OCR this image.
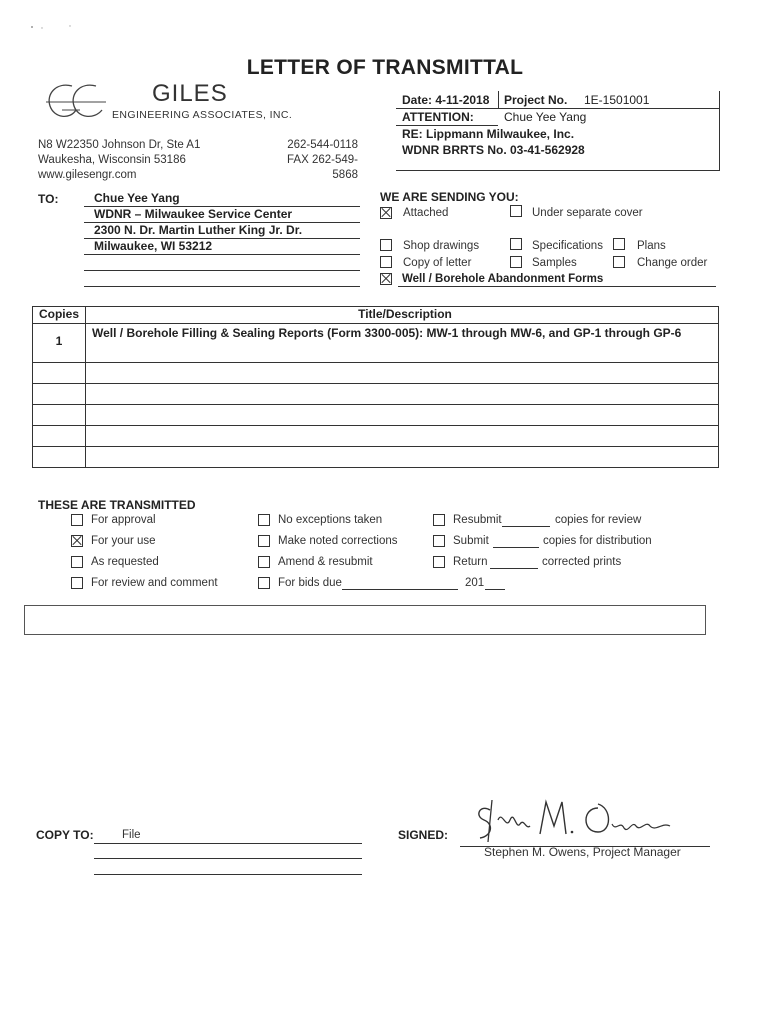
LETTER OF TRANSMITTAL
GILES
ENGINEERING ASSOCIATES, INC.
N8 W22350 Johnson Dr, Ste A1
Waukesha, Wisconsin 53186
www.gilesengr.com
262-544-0118
FAX 262-549-5868
Date: 4-11-2018 Project No. 1E-1501001
ATTENTION:	Chue Yee Yang
RE: Lippmann Milwaukee, Inc.
WDNR BRRTS No. 03-41-562928
TO:	Chue Yee Yang
WDNR – Milwaukee Service Center
2300 N. Dr. Martin Luther King Jr. Dr.
Milwaukee, WI 53212
WE ARE SENDING YOU:
Attached	Under separate cover
Shop drawings	Specifications	Plans
Copy of letter	Samples	Change order
Well / Borehole Abandonment Forms
Copies	Title/Description
1
Well / Borehole Filling & Sealing Reports (Form 3300-005): MW-1 through MW-6, and GP-1 through GP-6
THESE ARE TRANSMITTED
For approval
For your use
As requested
For review and comment
No exceptions taken
Make noted corrections
Amend & resubmit
For bids due	201
Resubmit	copies for review
Submit	copies for distribution
Return	corrected prints
COPY TO: File	SIGNED:
Stephen M. Owens, Project Manager
